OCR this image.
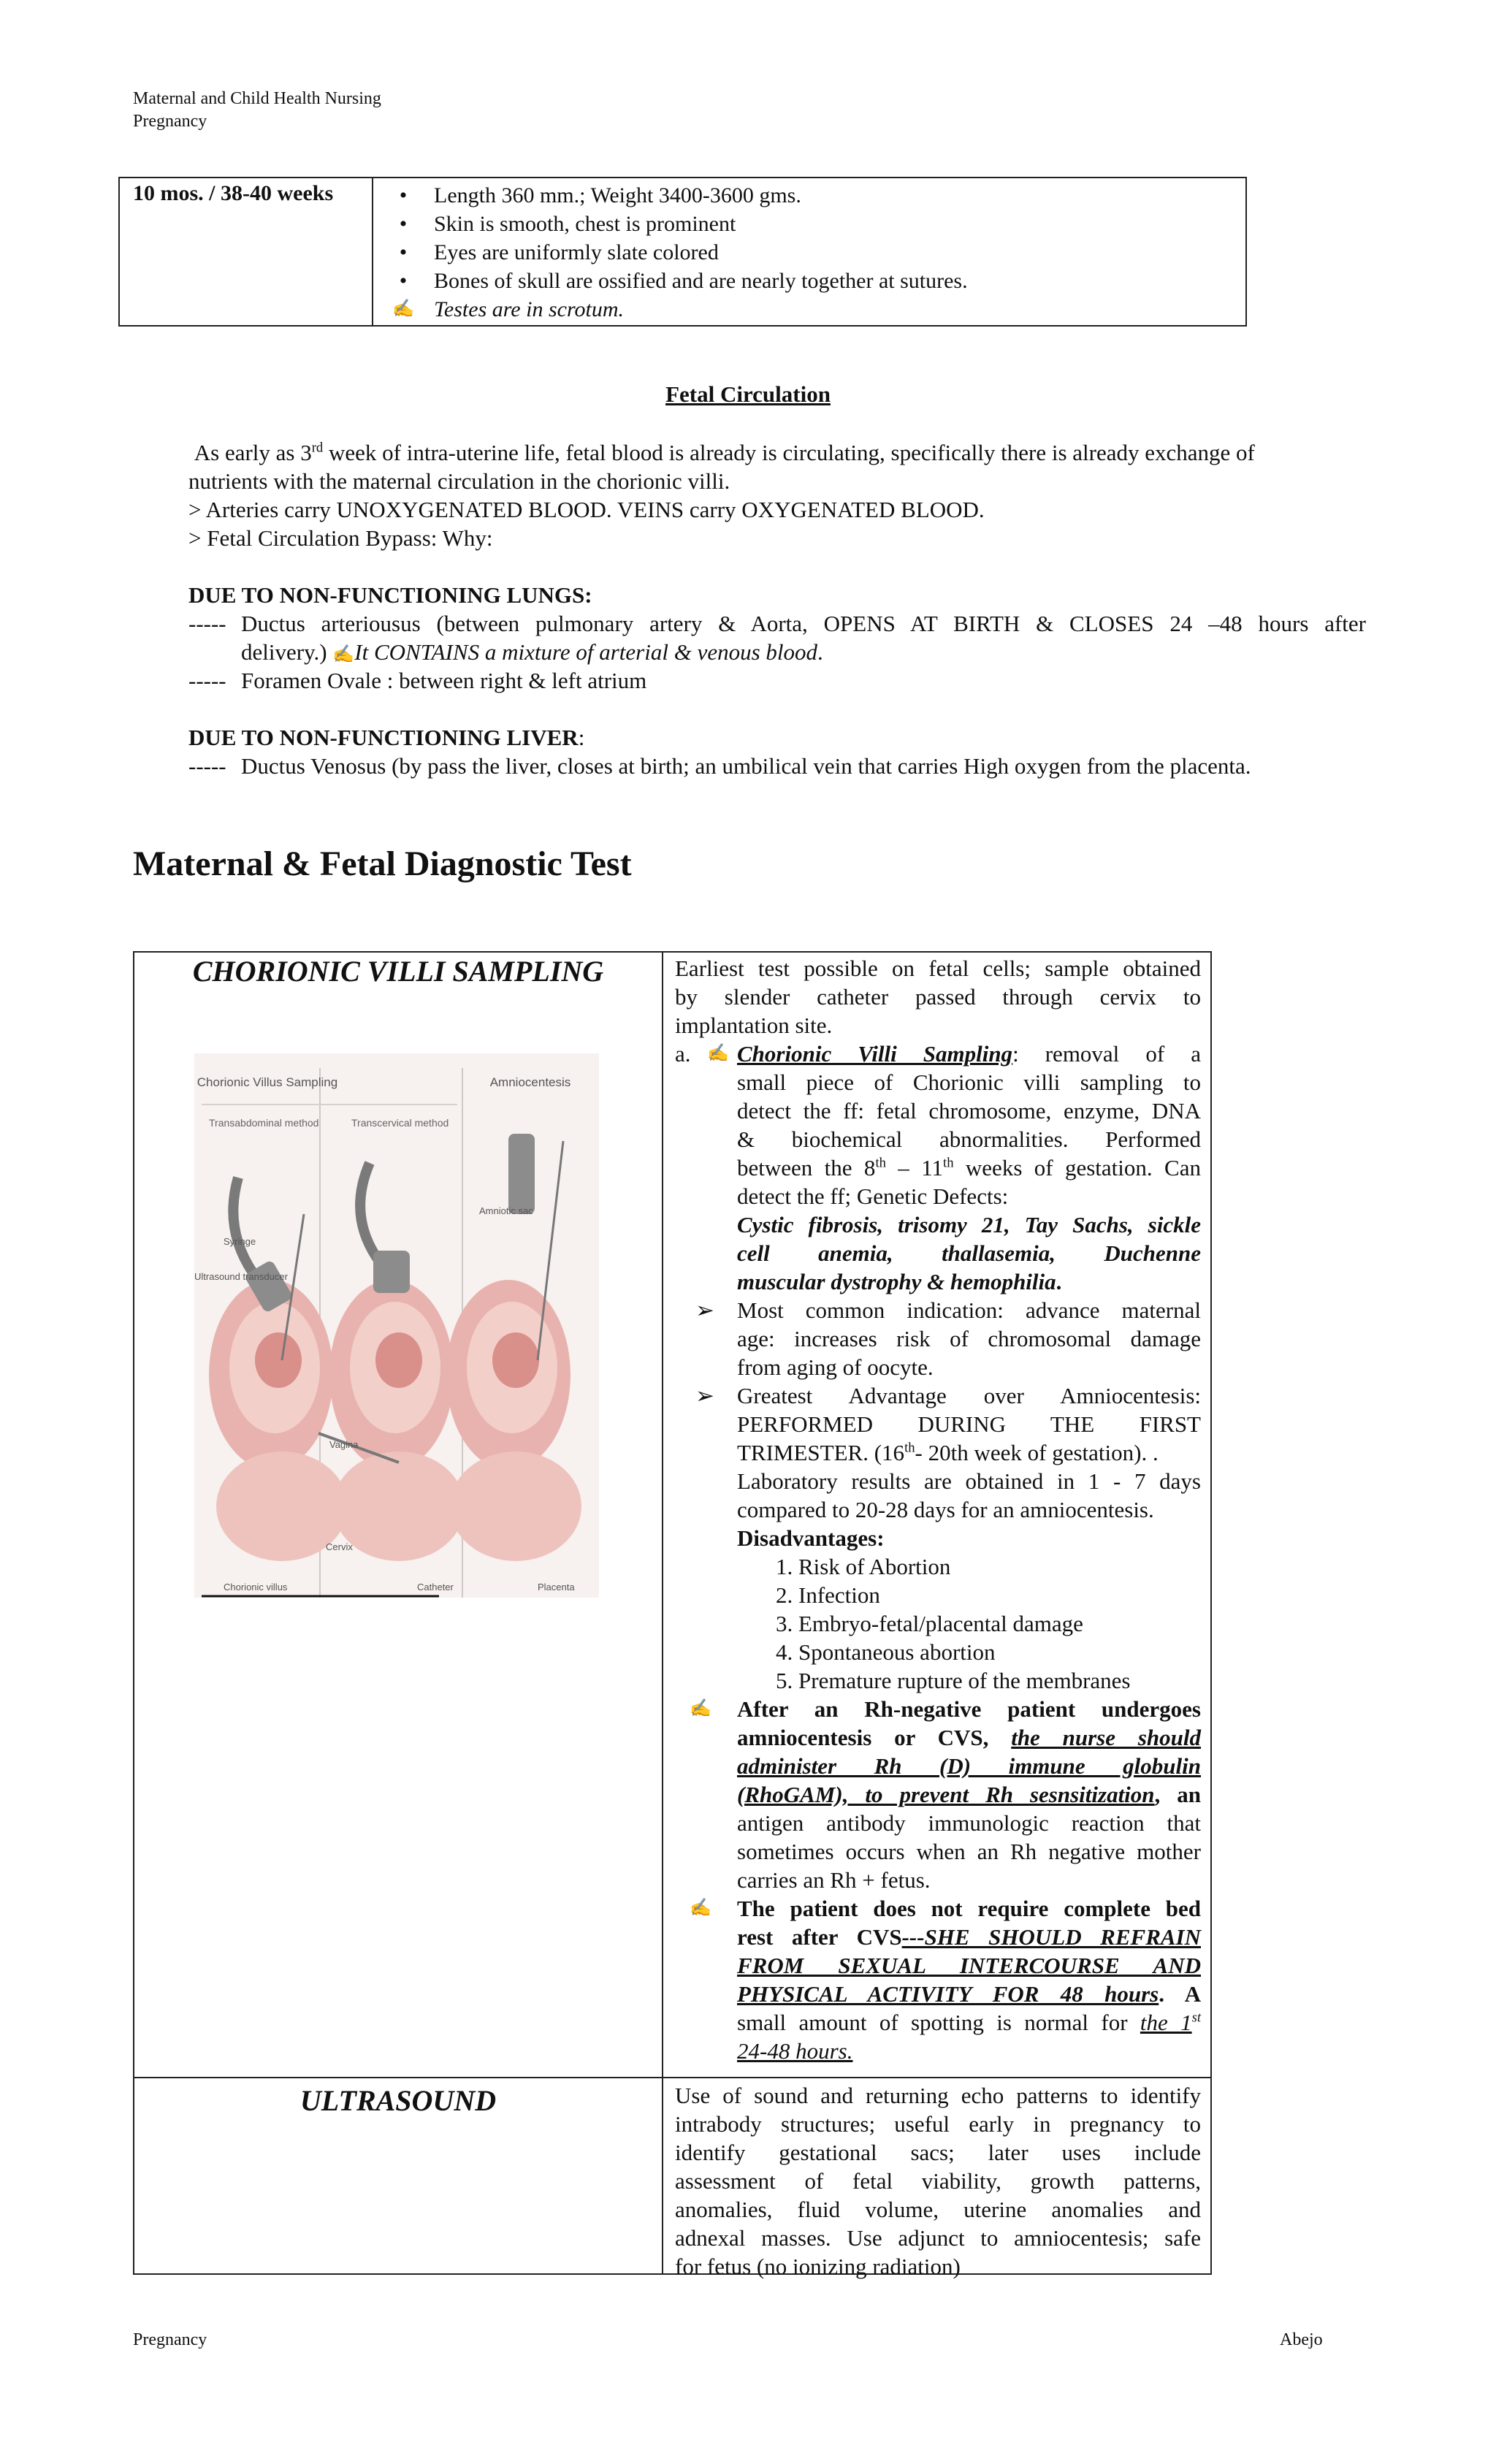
Maternal and Child Health Nursing
Pregnancy
10 mos. / 38-40 weeks	•	Length 360 mm.; Weight 3400-3600 gms.
•	Skin is smooth, chest is prominent
•	Eyes are uniformly slate colored
•	Bones of skull are ossified and are nearly together at sutures.
✍ Testes are in scrotum.
Fetal Circulation
As early as 3rd week of intra-uterine life, fetal blood is already is circulating, specifically there is already exchange of
nutrients with the maternal circulation in the chorionic villi.
> Arteries carry UNOXYGENATED BLOOD. VEINS carry OXYGENATED BLOOD.
> Fetal Circulation Bypass: Why:
DUE TO NON-FUNCTIONING LUNGS:
----- Ductus arteriousus (between pulmonary artery & Aorta, OPENS AT BIRTH & CLOSES 24 –48 hours after
delivery.) ✍It CONTAINS a mixture of arterial & venous blood.
----- Foramen Ovale : between right & left atrium
DUE TO NON-FUNCTIONING LIVER:
----- Ductus Venosus (by pass the liver, closes at birth; an umbilical vein that carries High oxygen from the placenta.
Maternal & Fetal Diagnostic Test
CHORIONIC VILLI SAMPLING
Chorionic Villus Sampling	Amniocentesis
Transabdominal method	Transcervical method
Syringe
Ultrasound transducer
Amniotic sac
Vagina
Cervix
Chorionic villus	Catheter	Placenta
Earliest test possible on fetal cells; sample obtained
by slender catheter passed through cervix to
implantation site.
a. ✍ Chorionic Villi Sampling: removal of a
small piece of Chorionic villi sampling to
detect the ff: fetal chromosome, enzyme, DNA
& biochemical abnormalities. Performed
between the 8th – 11th weeks of gestation. Can
detect the ff; Genetic Defects:
Cystic fibrosis, trisomy 21, Tay Sachs, sickle
cell anemia, thallasemia, Duchenne
muscular dystrophy & hemophilia.
➢ Most common indication: advance maternal
age: increases risk of chromosomal damage
from aging of oocyte.
➢ Greatest Advantage over Amniocentesis:
PERFORMED DURING THE FIRST
TRIMESTER. (16th- 20th week of gestation). .
Laboratory results are obtained in 1 - 7 days
compared to 20-28 days for an amniocentesis.
Disadvantages:
1. Risk of Abortion
2. Infection
3. Embryo-fetal/placental damage
4. Spontaneous abortion
5. Premature rupture of the membranes
✍ After an Rh-negative patient undergoes
amniocentesis or CVS, the nurse should
administer Rh (D) immune globulin
(RhoGAM), to prevent Rh sesnsitization, an
antigen antibody immunologic reaction that
sometimes occurs when an Rh negative mother
carries an Rh + fetus.
✍ The patient does not require complete bed
rest after CVS---SHE SHOULD REFRAIN
FROM SEXUAL INTERCOURSE AND
PHYSICAL ACTIVITY FOR 48 hours. A
small amount of spotting is normal for the 1st
24-48 hours.
ULTRASOUND	Use of sound and returning echo patterns to identify
intrabody structures; useful early in pregnancy to
identify gestational sacs; later uses include
assessment of fetal viability, growth patterns,
anomalies, fluid volume, uterine anomalies and
adnexal masses. Use adjunct to amniocentesis; safe
for fetus (no ionizing radiation)
Pregnancy	Abejo
